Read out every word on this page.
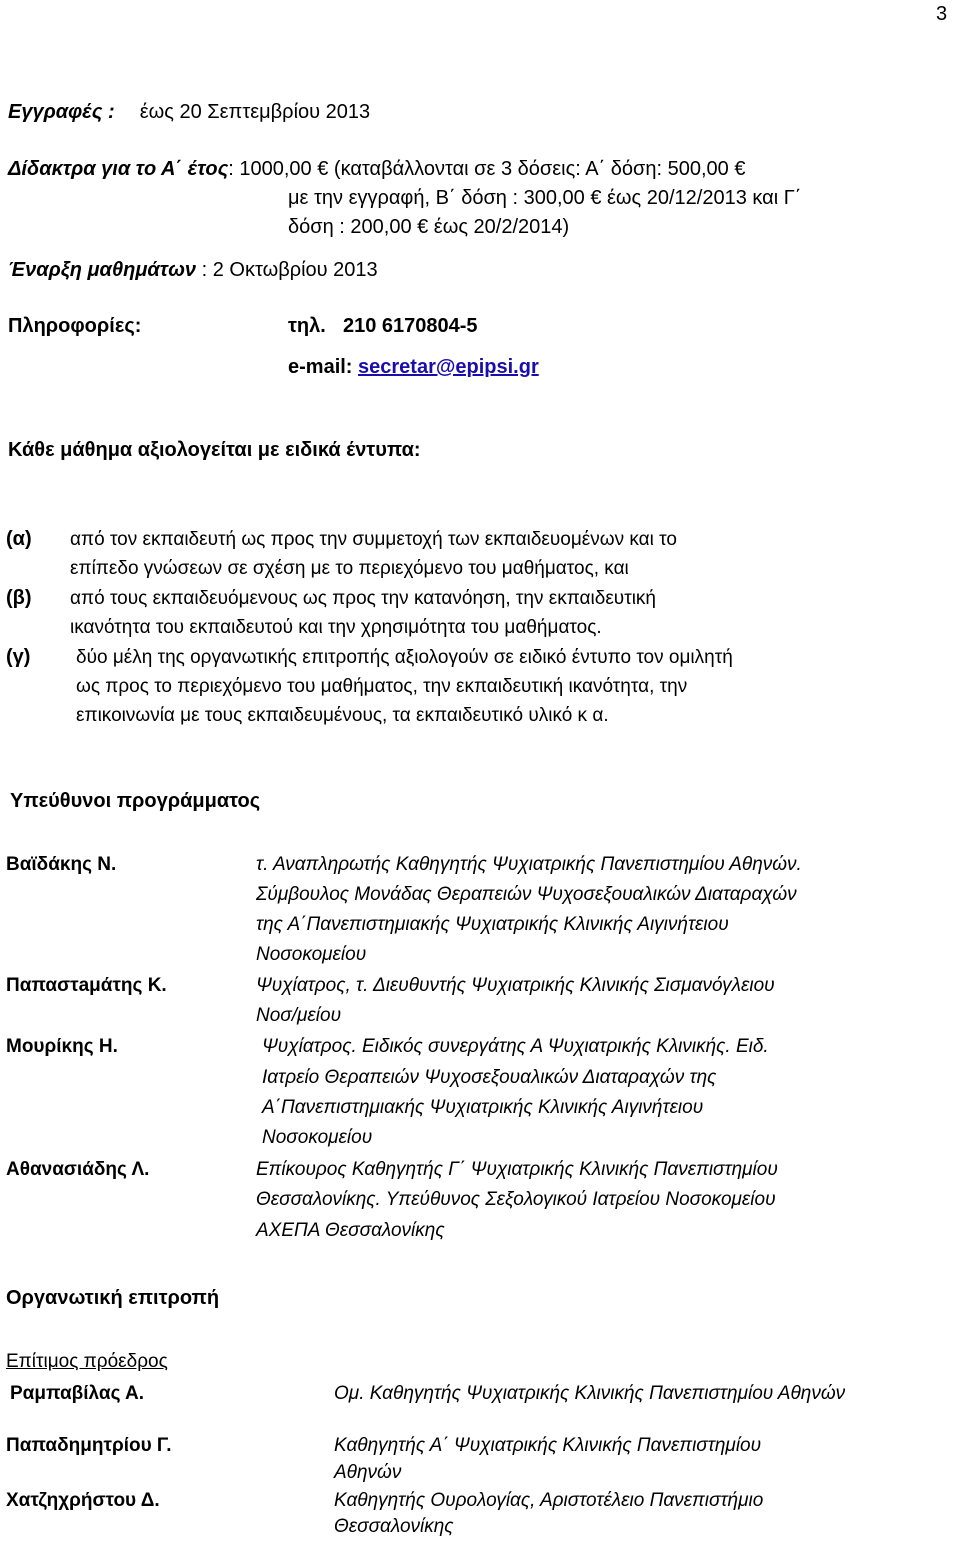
3
Εγγραφές : έως 20 Σεπτεμβρίου 2013
Δίδακτρα για το Α΄ έτος: 1000,00 € (καταβάλλονται σε 3 δόσεις: Α΄ δόση: 500,00 €
με την εγγραφή, Β΄ δόση : 300,00 € έως 20/12/2013 και Γ΄
δόση : 200,00 € έως 20/2/2014)
Έναρξη μαθημάτων : 2 Οκτωβρίου 2013
Πληροφορίες:	τηλ. 210 6170804-5
e-mail: secretar@epipsi.gr
Κάθε μάθημα αξιολογείται με ειδικά έντυπα:
(α) από τον εκπαιδευτή ως προς την συμμετοχή των εκπαιδευομένων και το
επίπεδο γνώσεων σε σχέση με το περιεχόμενο του μαθήματος, και
(β) από τους εκπαιδευόμενους ως προς την κατανόηση, την εκπαιδευτική
ικανότητα του εκπαιδευτού και την χρησιμότητα του μαθήματος.
(γ) δύο μέλη της οργανωτικής επιτροπής αξιολογούν σε ειδικό έντυπο τον ομιλητή
ως προς το περιεχόμενο του μαθήματος, την εκπαιδευτική ικανότητα, την
επικοινωνία με τους εκπαιδευμένους, τα εκπαιδευτικό υλικό κ α.
Υπεύθυνοι προγράμματος
Βαϊδάκης Ν.	τ. Αναπληρωτής Καθηγητής Ψυχιατρικής Πανεπιστημίου Αθηνών.
Σύμβουλος Μονάδας Θεραπειών Ψυχοσεξουαλικών Διαταραχών
της Α΄Πανεπιστημιακής Ψυχιατρικής Κλινικής Αιγινήτειου
Νοσοκομείου
Παπαστaμάτης Κ.	Ψυχίατρος, τ. Διευθυντής Ψυχιατρικής Κλινικής Σισμανόγλειου
Νοσ/μείου
Μουρίκης Η.	Ψυχίατρος. Ειδικός συνεργάτης Α Ψυχιατρικής Κλινικής. Ειδ.
Ιατρείο Θεραπειών Ψυχοσεξουαλικών Διαταραχών της
Α΄Πανεπιστημιακής Ψυχιατρικής Κλινικής Αιγινήτειου
Νοσοκομείου
Αθανασιάδης Λ.	Επίκουρος Καθηγητής Γ΄ Ψυχιατρικής Κλινικής Πανεπιστημίου
Θεσσαλονίκης. Υπεύθυνος Σεξολογικού Ιατρείου Νοσοκομείου
ΑΧΕΠΑ Θεσσαλονίκης
Οργανωτική επιτροπή
Επίτιμος πρόεδρος
Ραμπαβίλας Α.	Ομ. Καθηγητής Ψυχιατρικής Κλινικής Πανεπιστημίου Αθηνών
Παπαδημητρίου Γ.	Καθηγητής Α΄ Ψυχιατρικής Κλινικής Πανεπιστημίου
Αθηνών
Χατζηχρήστου Δ.	Καθηγητής Ουρολογίας, Αριστοτέλειο Πανεπιστήμιο
Θεσσαλονίκης
